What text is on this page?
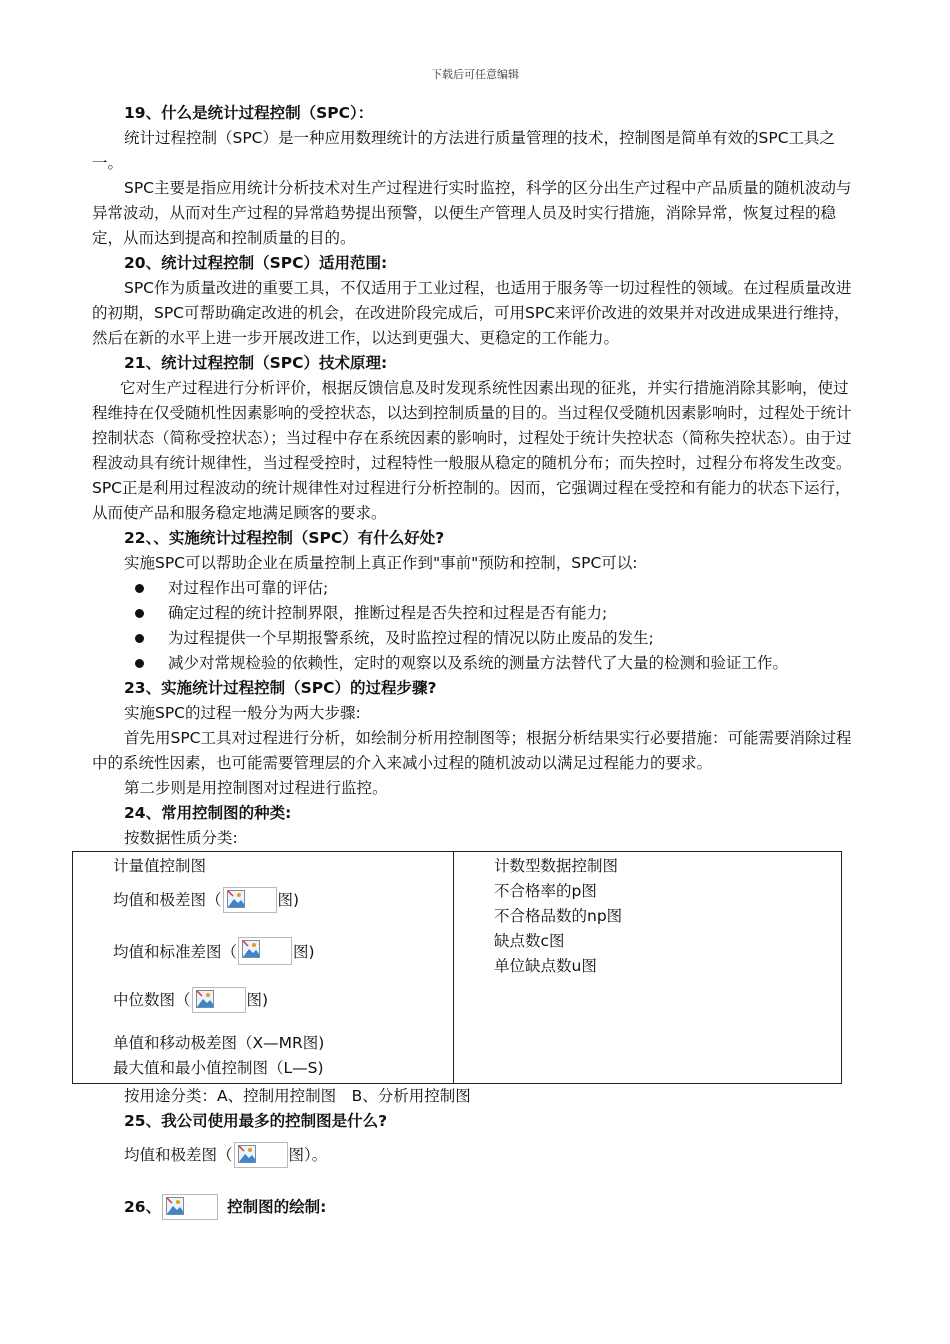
下载后可任意编辑

19、什么是统计过程控制（SPC）：

统计过程控制（SPC）是一种应用数理统计的方法进行质量管理的技术，控制图是简单有效的SPC工具之一。

SPC主要是指应用统计分析技术对生产过程进行实时监控，科学的区分出生产过程中产品质量的随机波动与异常波动，从而对生产过程的异常趋势提出预警，以便生产管理人员及时实行措施，消除异常，恢复过程的稳定，从而达到提高和控制质量的目的。

20、统计过程控制（SPC）适用范围:

SPC作为质量改进的重要工具，不仅适用于工业过程，也适用于服务等一切过程性的领域。在过程质量改进的初期，SPC可帮助确定改进的机会，在改进阶段完成后，可用SPC来评价改进的效果并对改进成果进行维持，然后在新的水平上进一步开展改进工作，以达到更强大、更稳定的工作能力。

21、统计过程控制（SPC）技术原理:

它对生产过程进行分析评价，根据反馈信息及时发现系统性因素出现的征兆，并实行措施消除其影响，使过程维持在仅受随机性因素影响的受控状态，以达到控制质量的目的。当过程仅受随机因素影响时，过程处于统计控制状态（简称受控状态）；当过程中存在系统因素的影响时，过程处于统计失控状态（简称失控状态）。由于过程波动具有统计规律性，当过程受控时，过程特性一般服从稳定的随机分布；而失控时，过程分布将发生改变。SPC正是利用过程波动的统计规律性对过程进行分析控制的。因而，它强调过程在受控和有能力的状态下运行，从而使产品和服务稳定地满足顾客的要求。

22、、实施统计过程控制（SPC）有什么好处?

实施SPC可以帮助企业在质量控制上真正作到"事前"预防和控制，SPC可以:

对过程作出可靠的评估;
确定过程的统计控制界限，推断过程是否失控和过程是否有能力;
为过程提供一个早期报警系统，及时监控过程的情况以防止废品的发生;
减少对常规检验的依赖性，定时的观察以及系统的测量方法替代了大量的检测和验证工作。

23、实施统计过程控制（SPC）的过程步骤?

实施SPC的过程一般分为两大步骤:

首先用SPC工具对过程进行分析，如绘制分析用控制图等；根据分析结果实行必要措施：可能需要消除过程中的系统性因素，也可能需要管理层的介入来减小过程的随机波动以满足过程能力的要求。

第二步则是用控制图对过程进行监控。

24、常用控制图的种类:

按数据性质分类:

计量值控制图
均值和极差图（	图)
均值和标准差图（	图)
中位数图（	图)
单值和移动极差图（X—MR图)
最大值和最小值控制图（L—S)

计数型数据控制图
不合格率的p图
不合格品数的np图
缺点数c图
单位缺点数u图

按用途分类：A、控制用控制图　B、分析用控制图

25、我公司使用最多的控制图是什么?

均值和极差图（	图）。
26、	控制图的绘制:
